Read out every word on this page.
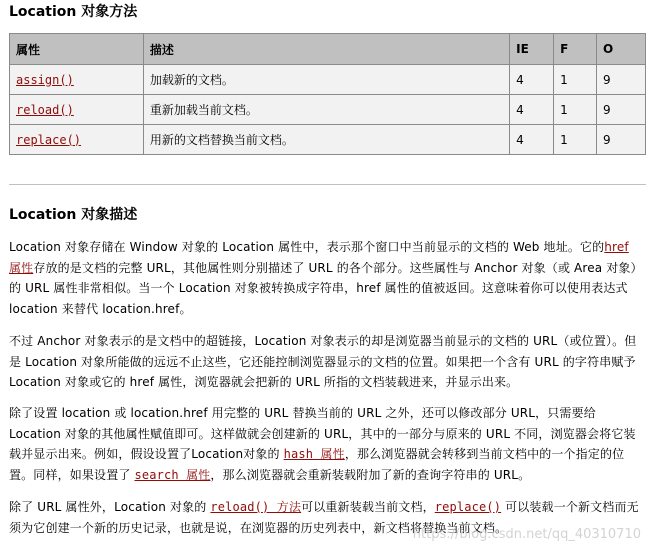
Location 对象方法
属性	描述	IE	F	O
assign()	加载新的文档。	4	1	9
reload()	重新加载当前文档。	4	1	9
replace()	用新的文档替换当前文档。	4	1	9
Location 对象描述

Location 对象存储在 Window 对象的 Location 属性中，表示那个窗口中当前显示的文档的 Web 地址。它的href 属性存放的是文档的完整 URL，其他属性则分别描述了 URL 的各个部分。这些属性与 Anchor 对象（或 Area 对象）的 URL 属性非常相似。当一个 Location 对象被转换成字符串，href 属性的值被返回。这意味着你可以使用表达式 location 来替代 location.href。

不过 Anchor 对象表示的是文档中的超链接，Location 对象表示的却是浏览器当前显示的文档的 URL（或位置）。但是 Location 对象所能做的远远不止这些，它还能控制浏览器显示的文档的位置。如果把一个含有 URL 的字符串赋予 Location 对象或它的 href 属性，浏览器就会把新的 URL 所指的文档装载进来，并显示出来。

除了设置 location 或 location.href 用完整的 URL 替换当前的 URL 之外，还可以修改部分 URL，只需要给 Location 对象的其他属性赋值即可。这样做就会创建新的 URL，其中的一部分与原来的 URL 不同，浏览器会将它装载并显示出来。例如，假设设置了Location对象的 hash 属性，那么浏览器就会转移到当前文档中的一个指定的位置。同样，如果设置了 search 属性，那么浏览器就会重新装载附加了新的查询字符串的 URL。

除了 URL 属性外，Location 对象的 reload() 方法可以重新装载当前文档，replace() 可以装载一个新文档而无须为它创建一个新的历史记录，也就是说，在浏览器的历史列表中，新文档将替换当前文档。

https://blog.csdn.net/qq_40310710
